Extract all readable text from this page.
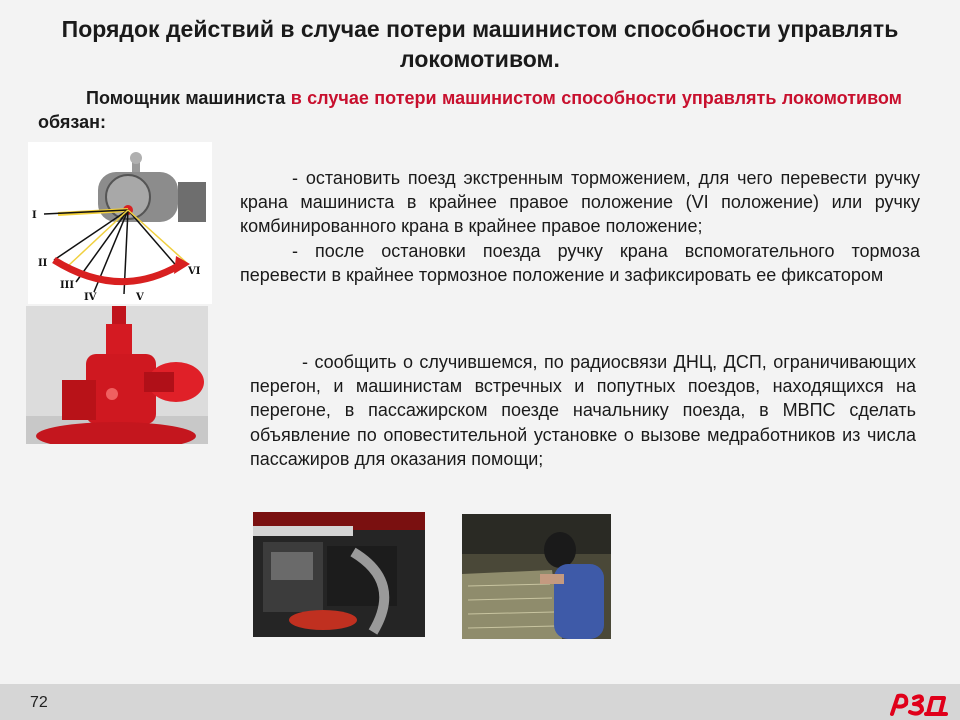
Порядок действий в случае потери машинистом способности управлять локомотивом.
Помощник машиниста в случае потери машинистом способности управлять локомотивом обязан:
I
II
III
IV	V
VI

- остановить поезд экстренным торможением, для чего перевести ручку крана машиниста в крайнее правое положение (VI положение) или ручку комбинированного крана в крайнее правое положение;

- после остановки поезда ручку крана вспомогательного тормоза перевести в крайнее тормозное положение и зафиксировать ее фиксатором

- сообщить о случившемся, по радиосвязи ДНЦ, ДСП, ограничивающих перегон, и машинистам встречных и попутных поездов, находящихся на перегоне, в пассажирском поезде начальнику поезда, в МВПС сделать объявление по оповестительной установке о вызове медработников из числа пассажиров для оказания помощи;

72
